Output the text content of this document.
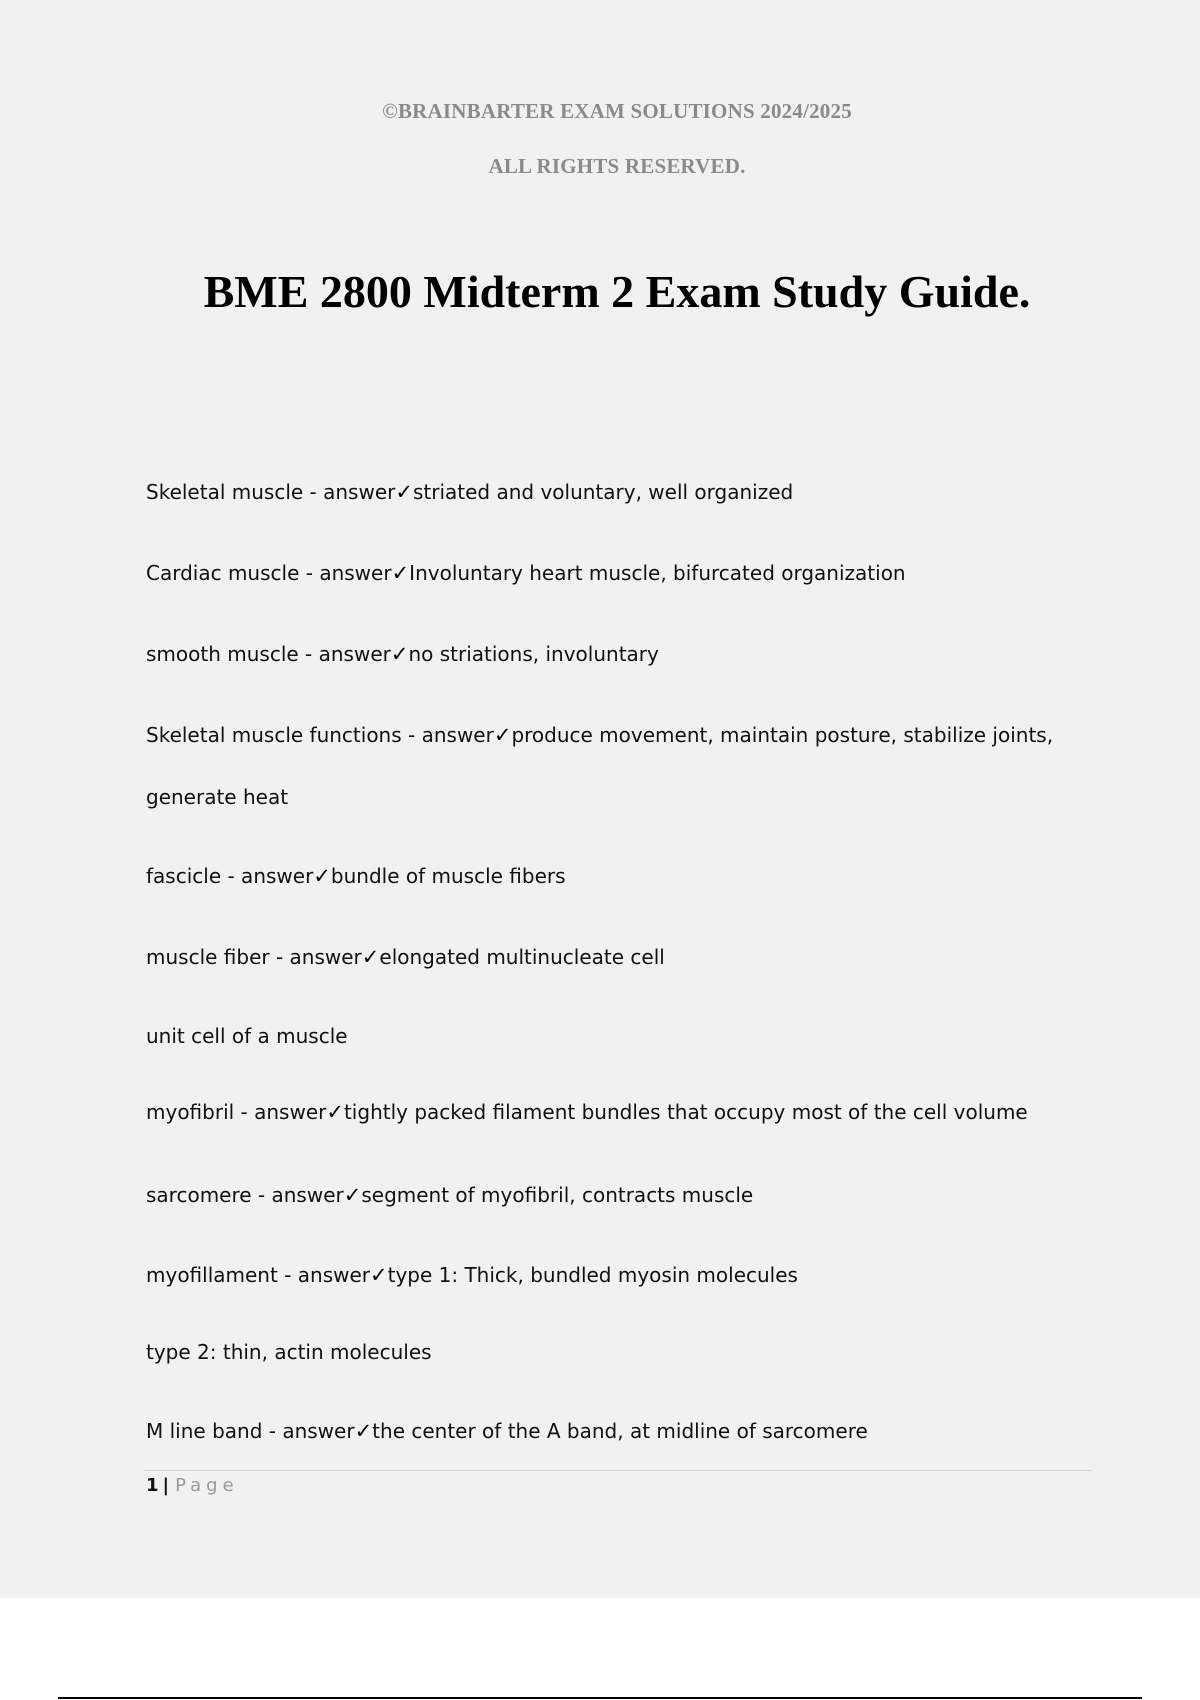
©BRAINBARTER EXAM SOLUTIONS 2024/2025
ALL RIGHTS RESERVED.
BME 2800 Midterm 2 Exam Study Guide.
Skeletal muscle - answer✓striated and voluntary, well organized
Cardiac muscle - answer✓Involuntary heart muscle, bifurcated organization
smooth muscle - answer✓no striations, involuntary
Skeletal muscle functions - answer✓produce movement, maintain posture, stabilize joints,
generate heat
fascicle - answer✓bundle of muscle fibers
muscle fiber - answer✓elongated multinucleate cell
unit cell of a muscle
myofibril - answer✓tightly packed filament bundles that occupy most of the cell volume
sarcomere - answer✓segment of myofibril, contracts muscle
myofillament - answer✓type 1: Thick, bundled myosin molecules
type 2: thin, actin molecules
M line band - answer✓the center of the A band, at midline of sarcomere
1 | Page
